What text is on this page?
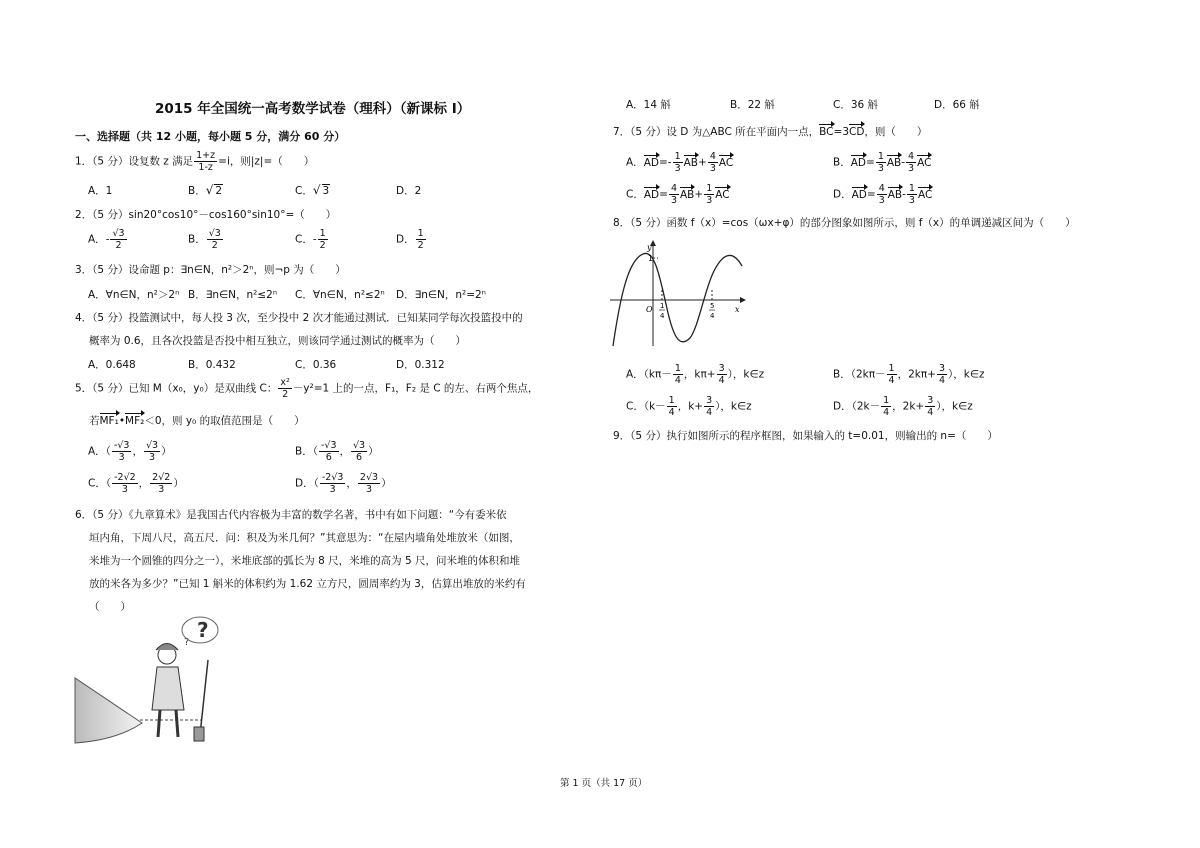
2015 年全国统一高考数学试卷（理科）（新课标 Ⅰ）
一、选择题（共 12 小题，每小题 5 分，满分 60 分）
1．（5 分）设复数 z 满足 $\frac{1+z}{1-z} =i$，则|z|=（　　）
A．1	B．√ 2	C．√ 3	D．2
2．（5 分）sin20°cos10°－cos160°sin10°=（　　）
A．- $\frac{√3}{2}$	B． $\frac{√3}{2}$	C．- $\frac{1}{2}$	D． $\frac{1}{2}$
3．（5 分）设命题 p：∃n∈N，n²＞2ⁿ，则¬p 为（　　）
A．∀n∈N，n²＞2ⁿ B．∃n∈N，n²≤2ⁿ C．∀n∈N，n²≤2ⁿ D．∃n∈N，n²=2ⁿ
4．（5 分）投篮测试中，每人投 3 次，至少投中 2 次才能通过测试．已知某同学每次投篮投中的
概率为 0.6，且各次投篮是否投中相互独立，则该同学通过测试的概率为（　　）
A．0.648	B．0.432	C．0.36	D．0.312
5．（5 分）已知 M（x₀，y₀）是双曲线 C： $\frac{\text{x²}}{2} -y^2=1$ 上的一点，F₁，F₂ 是 C 的左、右两个焦点，
若MF₁•MF₂＜0，则 y₀ 的取值范围是（　　）
A．（ $\frac{-√3}{3}$ ， $\frac{√3}{3}$ ）	B．（ $\frac{-√3}{6}$ ， $\frac{√3}{6}$ ）
C．（ $\frac{-2√2}{3}$ ， $\frac{2√2}{3}$ ）	D．（ $\frac{-2√3}{3}$ ， $\frac{2√3}{3}$ ）
6．（5 分）《九章算术》是我国古代内容极为丰富的数学名著，书中有如下问题：“今有委米依
垣内角，下周八尺，高五尺．问：积及为米几何？”其意思为：“在屋内墙角处堆放米（如图，
米堆为一个圆锥的四分之一），米堆底部的弧长为 8 尺，米堆的高为 5 尺，问米堆的体积和堆
放的米各为多少？”已知 1 斛米的体积约为 1.62 立方尺，圆周率约为 3，估算出堆放的米约有
（　　）
?
?
A．14 斛	B．22 斛	C．36 斛	D．66 斛
7．（5 分）设 D 为△ABC 所在平面内一点，BC=3CD，则（　　）
A．$AD=- \frac{1}{3} AB+ \frac{4}{3}$ AC	B．$AD= \frac{1}{3} AB- \frac{4}{3}$ AC
C．$AD= \frac{4}{3} AB+ \frac{1}{3}$ AC	D．$AD= \frac{4}{3} AB- \frac{1}{3}$ AC
8．（5 分）函数 f（x）=cos（ωx+φ）的部分图象如图所示，则 f（x）的单调递减区间为（　　）
y
x
O
1
1
4
5
4
A．（$k\pi- \frac{1}{4}$ ，$k\pi+ \frac{3}{4}$ ），k∈z	B．（$2k\pi- \frac{1}{4}$ ，$2k\pi+ \frac{3}{4}$ ），k∈z
C．（$k- \frac{1}{4}$ ，$k+ \frac{3}{4}$ ），k∈z	D．（$2k- \frac{1}{4}$ ，$2k+ \frac{3}{4}$ ），k∈z
9．（5 分）执行如图所示的程序框图，如果输入的 t=0.01，则输出的 n=（　　）
第 1 页（共 17 页）
